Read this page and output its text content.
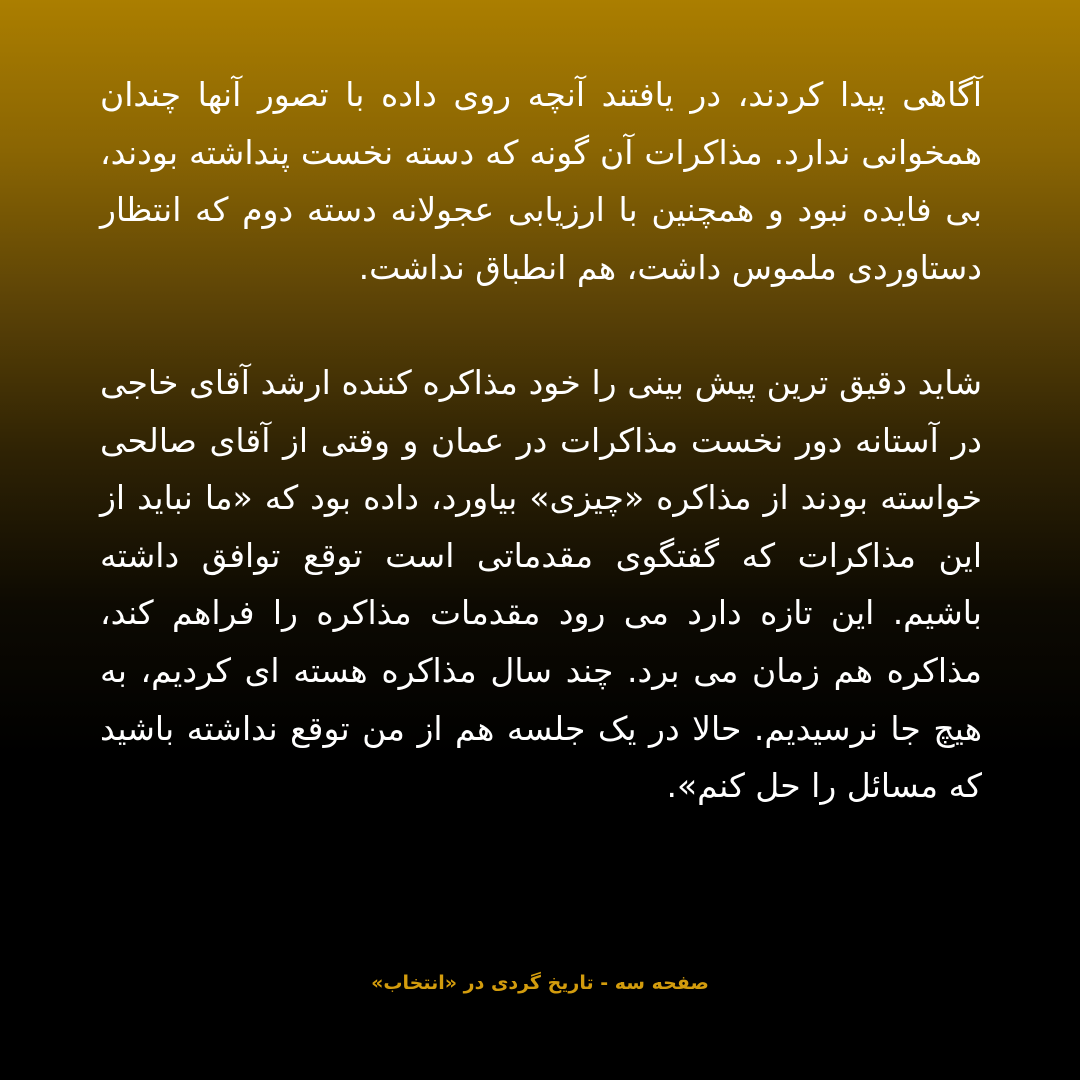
آگاهی پیدا کردند، در یافتند آنچه روی داده با تصور آنها چندان همخوانی ندارد. مذاکرات آن گونه که دسته نخست پنداشته بودند، بی فایده نبود و همچنین با ارزیابی عجولانه دسته دوم که انتظار دستاوردی ملموس داشت، هم انطباق نداشت.

شاید دقیق ترین پیش بینی را خود مذاکره کننده ارشد آقای خاجی در آستانه دور نخست مذاکرات در عمان و وقتی از آقای صالحی خواسته بودند از مذاکره «چیزی» بیاورد، داده بود که «ما نباید از این مذاکرات که گفتگوی مقدماتی است توقع توافق داشته باشیم. این تازه دارد می رود مقدمات مذاکره را فراهم کند، مذاکره هم زمان می برد. چند سال مذاکره هسته ای کردیم، به هیچ جا نرسیدیم. حالا در یک جلسه هم از من توقع نداشته باشید که مسائل را حل کنم».

صفحه سه - تاریخ گردی در «انتخاب»
